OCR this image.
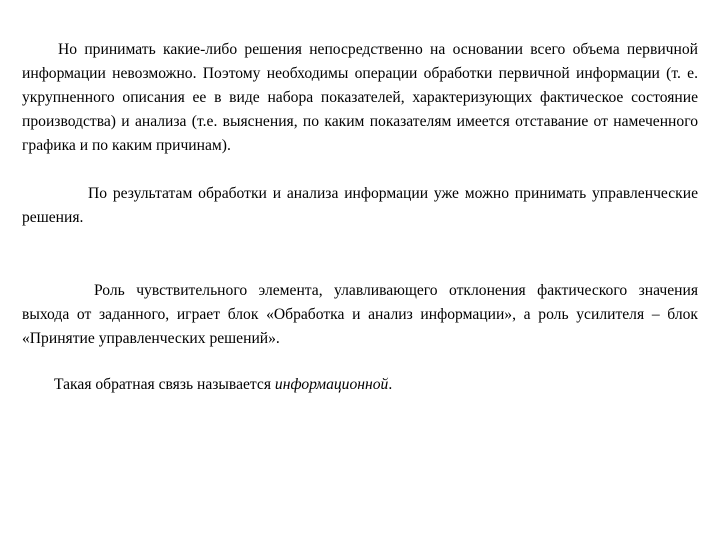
Но принимать какие-либо решения непосредственно на основании всего объема первичной информации невозможно. Поэтому необходимы операции обработки первичной информации (т. е. укрупненного описания ее в виде набора показателей, характеризующих фактическое состояние производства) и анализа (т.е. выяснения, по каким показателям имеется отставание от намеченного графика и по каким причинам).

По результатам обработки и анализа информации уже можно принимать управленческие решения.

Роль чувствительного элемента, улавливающего отклонения фактического значения выхода от заданного, играет блок «Обработка и анализ информации», а роль усилителя – блок «Принятие управленческих решений».

Такая обратная связь называется информационной.
